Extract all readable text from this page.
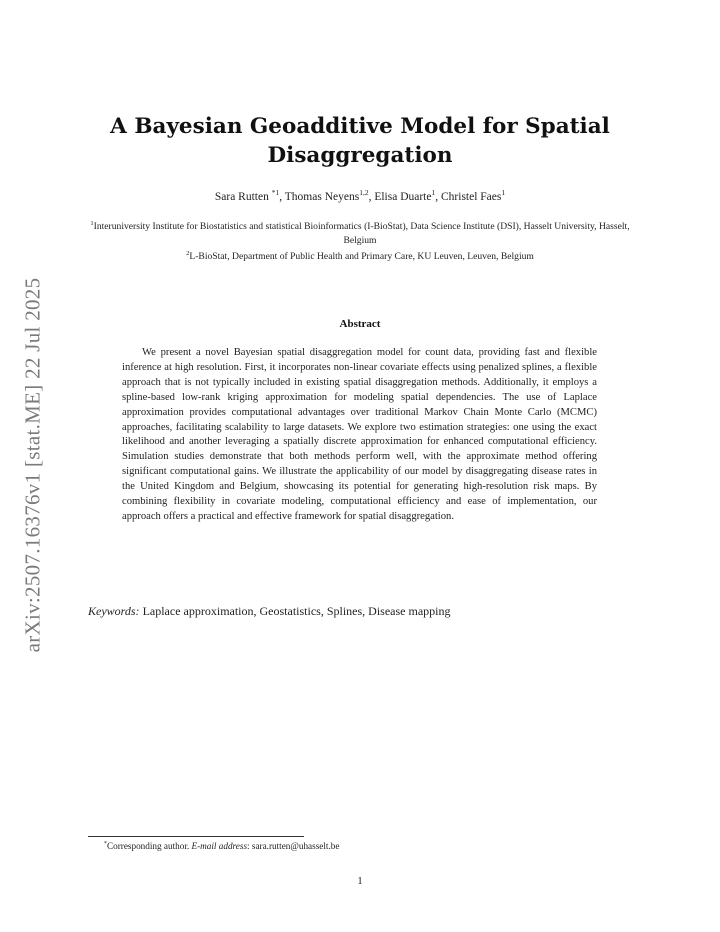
arXiv:2507.16376v1 [stat.ME] 22 Jul 2025
A Bayesian Geoadditive Model for Spatial Disaggregation
Sara Rutten $^{*1}$, Thomas Neyens$^{1,2}$, Elisa Duarte$^1$, Christel Faes$^1$
$^1$Interuniversity Institute for Biostatistics and statistical Bioinformatics (I-BioStat), Data Science Institute (DSI), Hasselt University, Hasselt, Belgium
$^2$L-BioStat, Department of Public Health and Primary Care, KU Leuven, Leuven, Belgium
Abstract
We present a novel Bayesian spatial disaggregation model for count data, providing fast and flexible inference at high resolution. First, it incorporates non-linear covariate effects using penalized splines, a flexible approach that is not typically included in existing spatial disaggregation methods. Additionally, it employs a spline-based low-rank kriging approximation for modeling spatial dependencies. The use of Laplace approximation provides computational advantages over traditional Markov Chain Monte Carlo (MCMC) approaches, facilitating scalability to large datasets. We explore two estimation strategies: one using the exact likelihood and another leveraging a spatially discrete approximation for enhanced computational efficiency. Simulation studies demonstrate that both methods perform well, with the approximate method offering significant computational gains. We illustrate the applicability of our model by disaggregating disease rates in the United Kingdom and Belgium, showcasing its potential for generating high-resolution risk maps. By combining flexibility in covariate modeling, computational efficiency and ease of implementation, our approach offers a practical and effective framework for spatial disaggregation.
Keywords: Laplace approximation, Geostatistics, Splines, Disease mapping
*Corresponding author. E-mail address: sara.rutten@uhasselt.be
1
